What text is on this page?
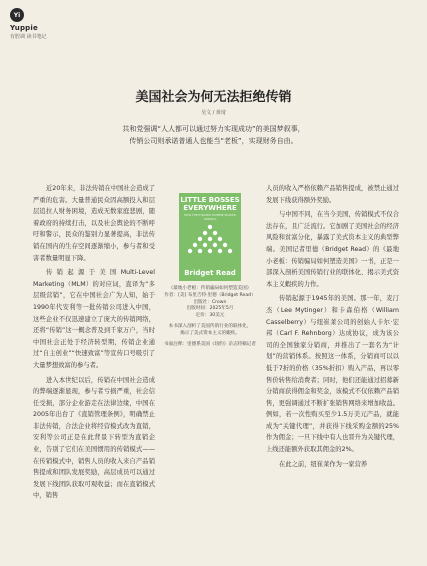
Yi
Yuppie
有腔调 读书笔记
美国社会为何无法拒绝传销
吴文 / 黄琦
共和党强调“人人都可以通过努力实现成功”的美国梦叙事，
传销公司则承诺普通人也能当“老板”，实现财务自由。

近20年来，非法传销在中国社会造成了严重的危害。大量普通民众因高额投入和层层追拉人财务困境，造成无数家庭悲剧，随着政府的持续打击，以及社会舆论的不断呼吁和警示，民众的鉴别力显著提高，非法传销在国内的生存空间逐渐缩小，参与者和受害者数量明显下降。

传销起源于美国Multi-Level Marketing（MLM）的对应词，直译为“多层级营销”，它在中国社会广为人知，始于1990年代安利等一批传销公司进入中国，这些企业不仅迅速建立了庞大的传销网络，还将“传销”这一概念普及到千家万户，当时中国社会正处于经济转型期，传销企业通过“自主创业”“快速致富”等宣传口号吸引了大量梦想致富的参与者。

进入本世纪以后，传销在中国社会造成的弊端逐渐显现，参与者亏损严重，社会信任受损，部分企业游走在法律边缘，中国在2005年出台了《直销管理条例》，明确禁止非法传销，合法企业将经营模式改为直销，安利等公司正是在此背景下转型为直销企业，告别了它们在美国惯用的传销模式——在传销模式中，销售人员的收入来自产品销售提成和团队发展奖励，高层成员可以通过发展下线团队获取可观收益；而在直销模式中，销售

LITTLE BOSSES
EVERYWHERE
HOW THE PYRAMID SCHEME SHAPED AMERICA
Bridget Read
《最地小老板：传销骗局如何塑造美国》
作者：[美] 布里吉特·里德（Bridget Read）
出版社：Crown
出版时间：2025年5月
定价：30美元
本书深入剖析了美国传销行业的联体化，
揭示了美式资本主义的蝦疾。
书面注释：里德系美国《纽约》杂志特稿记者

人员的收入严格依赖产品销售提成，被禁止通过发展下线获得额外奖励。

与中国不同，在当今美国，传销模式不仅合法存在，且广泛流行。它加剧了美国社会的经济风险和贫富分化，暴露了美式资本主义的典型弊端。美国记者里德（Bridget Read）的《最地小老板：传销骗局如何塑造美国》一书，正是一部深入剖析美国传销行业的联体化、揭示美式资本主义蝦疾的力作。

传销起源于1945年的美国。那一年，麦汀杰（Lee Mytinger）和卡森伯格（William Casselberry）与纽崔莱公司的创始人卡尔·宏邦（Carl F. Rehnborg）达成协议，成为该公司的全国独家分销商，并推出了一套名为“计划”的营销体系。按照这一体系，分销商可以以低于7折的价格（35%折扣）购入产品，再以零售价转售给消费者；同时，他们还能通过招募新分销商获得佣金和奖金，该模式不仅依赖产品销售，更强调通过不断扩张销售网络来增加收益。例如，若一次性购买至少1.5万美元产品，就能成为“关键代理”，并获得下线采购金额的25%作为佣金；一旦下线中有人也晋升为关键代理，上线还能额外获取其佣金的2%。

在此之前，纽崔莱作为一家营养
